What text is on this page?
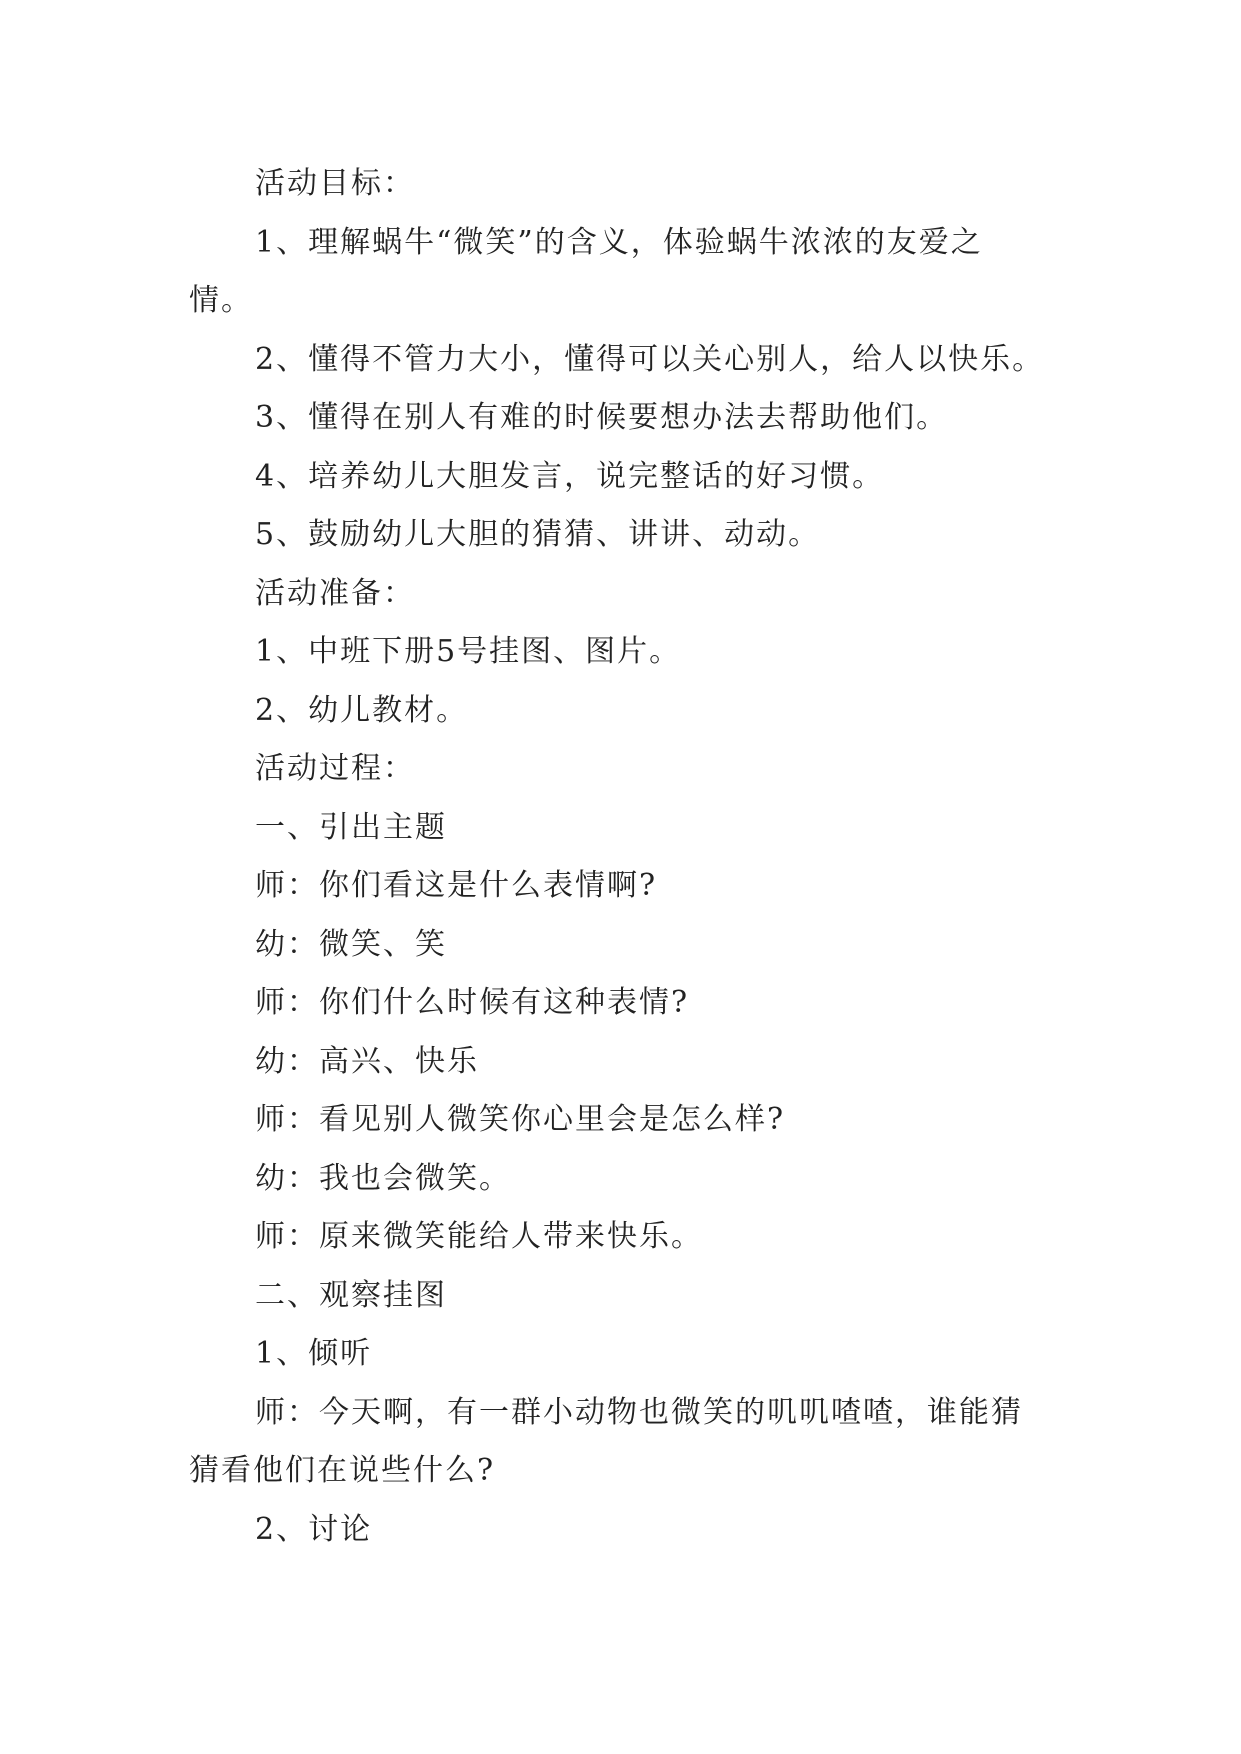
活动目标：
1、理解蜗牛“微笑”的含义，体验蜗牛浓浓的友爱之
情。
2、懂得不管力大小，懂得可以关心别人，给人以快乐。
3、懂得在别人有难的时候要想办法去帮助他们。
4、培养幼儿大胆发言，说完整话的好习惯。
5、鼓励幼儿大胆的猜猜、讲讲、动动。
活动准备：
1、中班下册5号挂图、图片。
2、幼儿教材。
活动过程：
一、引出主题
师：你们看这是什么表情啊?
幼：微笑、笑
师：你们什么时候有这种表情?
幼：高兴、快乐
师：看见别人微笑你心里会是怎么样?
幼：我也会微笑。
师：原来微笑能给人带来快乐。
二、观察挂图
1、倾听
师：今天啊，有一群小动物也微笑的叽叽喳喳，谁能猜
猜看他们在说些什么?
2、讨论
